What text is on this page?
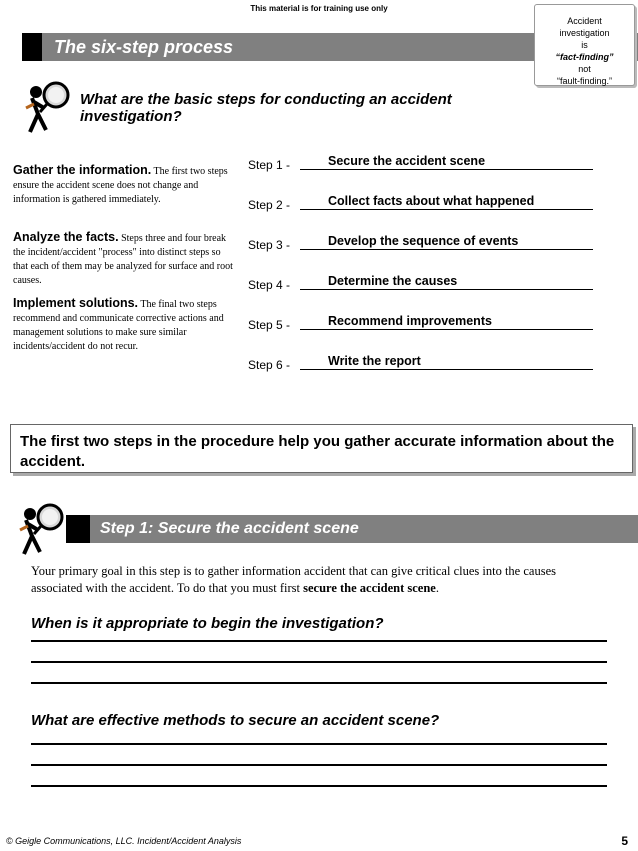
This material is for training use only
The six-step process
Accident
investigation
is
“fact-finding”
not
“fault-finding.”
What are the basic steps for conducting an accident investigation?
Gather the information. The first two steps ensure the accident scene does not change and information is gathered immediately.
Analyze the facts. Steps three and four break the incident/accident "process" into distinct steps so that each of them may be analyzed for surface and root causes.
Implement solutions. The final two steps recommend and communicate corrective actions and management solutions to make sure similar incidents/accident do not recur.
Step 1 -	Secure the accident scene
Step 2 -	Collect facts about what happened
Step 3 -	Develop the sequence of events
Step 4 -	Determine the causes
Step 5 -	Recommend improvements
Step 6 -	Write the report
The first two steps in the procedure help you gather accurate information about the accident.
Step 1: Secure the accident scene
Your primary goal in this step is to gather information accident that can give critical clues into the causes associated with the accident. To do that you must first secure the accident scene.
When is it appropriate to begin the investigation?
What are effective methods to secure an accident scene?
© Geigle Communications, LLC. Incident/Accident Analysis	5
